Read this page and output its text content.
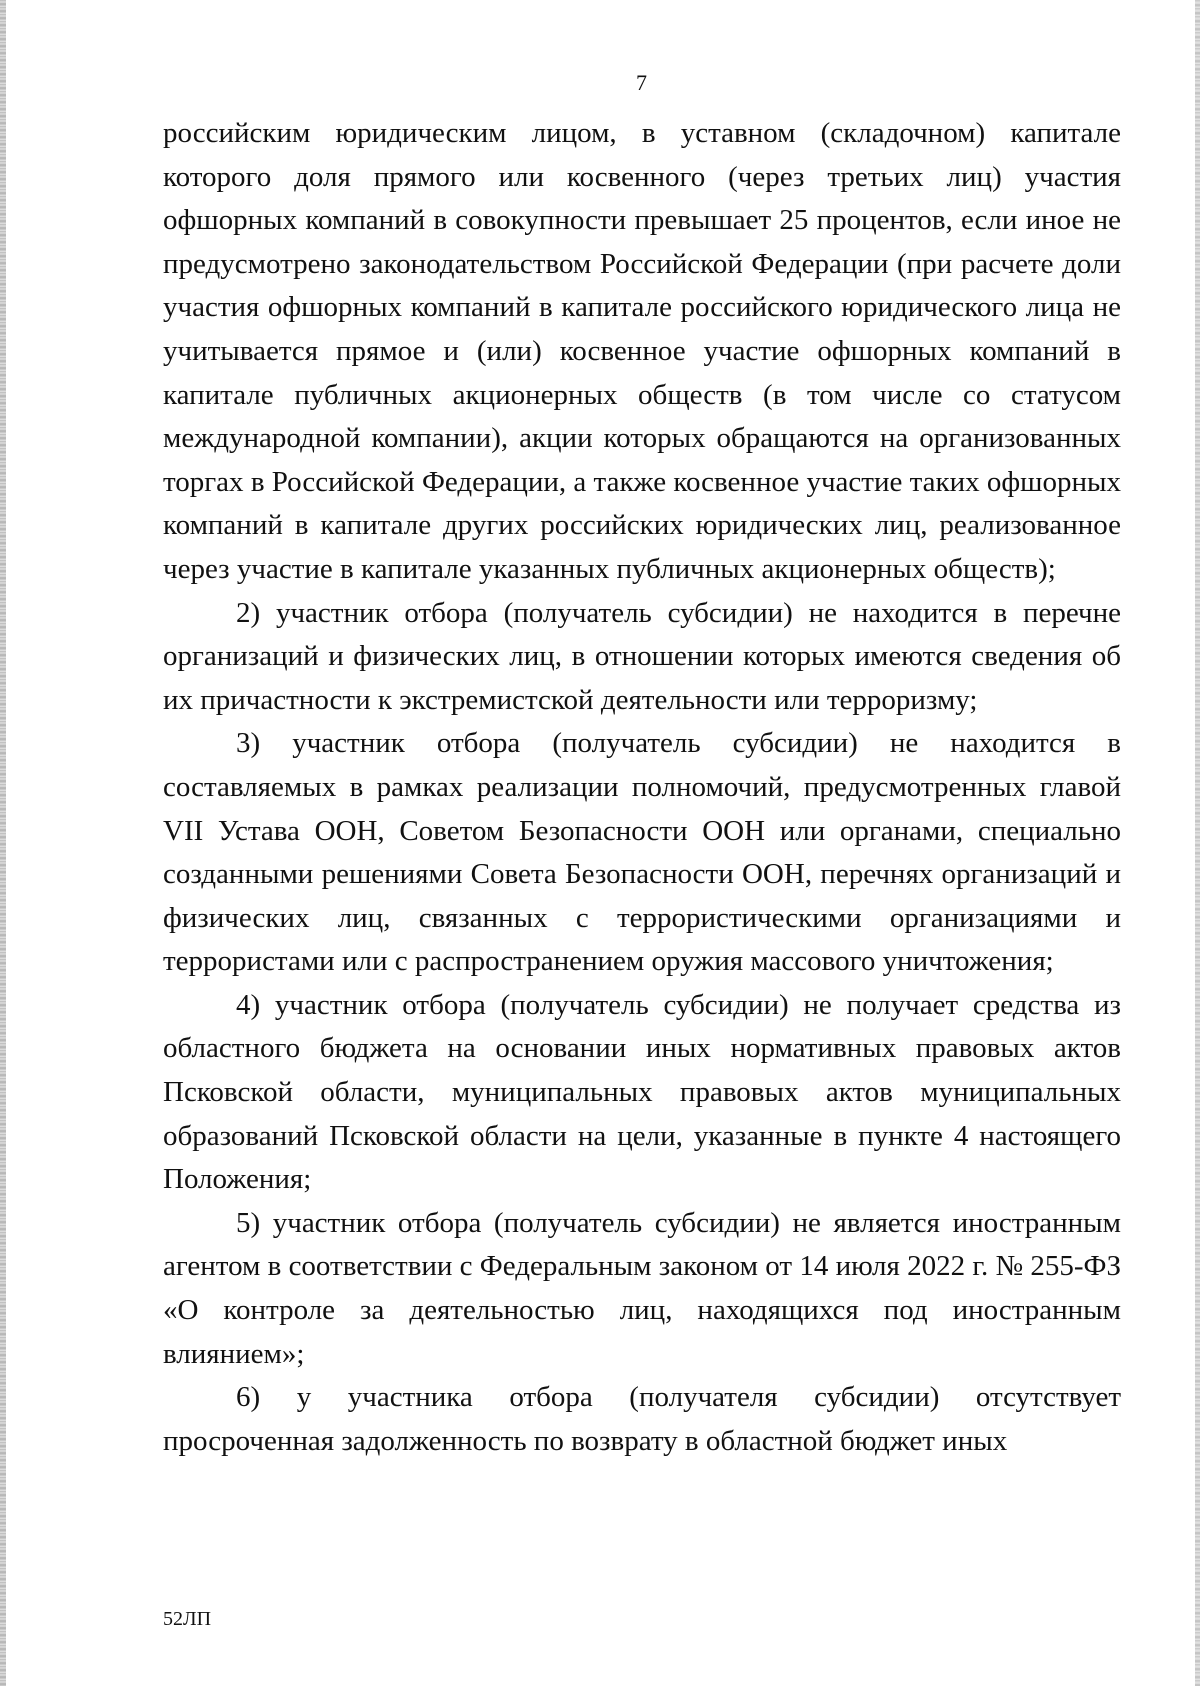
7

российским юридическим лицом, в уставном (складочном) капитале которого доля прямого или косвенного (через третьих лиц) участия офшорных компаний в совокупности превышает 25 процентов, если иное не предусмотрено законодательством Российской Федерации (при расчете доли участия офшорных компаний в капитале российского юридического лица не учитывается прямое и (или) косвенное участие офшорных компаний в капитале публичных акционерных обществ (в том числе со статусом международной компании), акции которых обращаются на организованных торгах в Российской Федерации, а также косвенное участие таких офшорных компаний в капитале других российских юридических лиц, реализованное через участие в капитале указанных публичных акционерных обществ);

2) участник отбора (получатель субсидии) не находится в перечне организаций и физических лиц, в отношении которых имеются сведения об их причастности к экстремистской деятельности или терроризму;

3) участник отбора (получатель субсидии) не находится в составляемых в рамках реализации полномочий, предусмотренных главой VII Устава ООН, Советом Безопасности ООН или органами, специально созданными решениями Совета Безопасности ООН, перечнях организаций и физических лиц, связанных с террористическими организациями и террористами или с распространением оружия массового уничтожения;

4) участник отбора (получатель субсидии) не получает средства из областного бюджета на основании иных нормативных правовых актов Псковской области, муниципальных правовых актов муниципальных образований Псковской области на цели, указанные в пункте 4 настоящего Положения;

5) участник отбора (получатель субсидии) не является иностранным агентом в соответствии с Федеральным законом от 14 июля 2022 г. № 255-ФЗ «О контроле за деятельностью лиц, находящихся под иностранным влиянием»;

6) у участника отбора (получателя субсидии) отсутствует просроченная задолженность по возврату в областной бюджет иных

52ЛП
